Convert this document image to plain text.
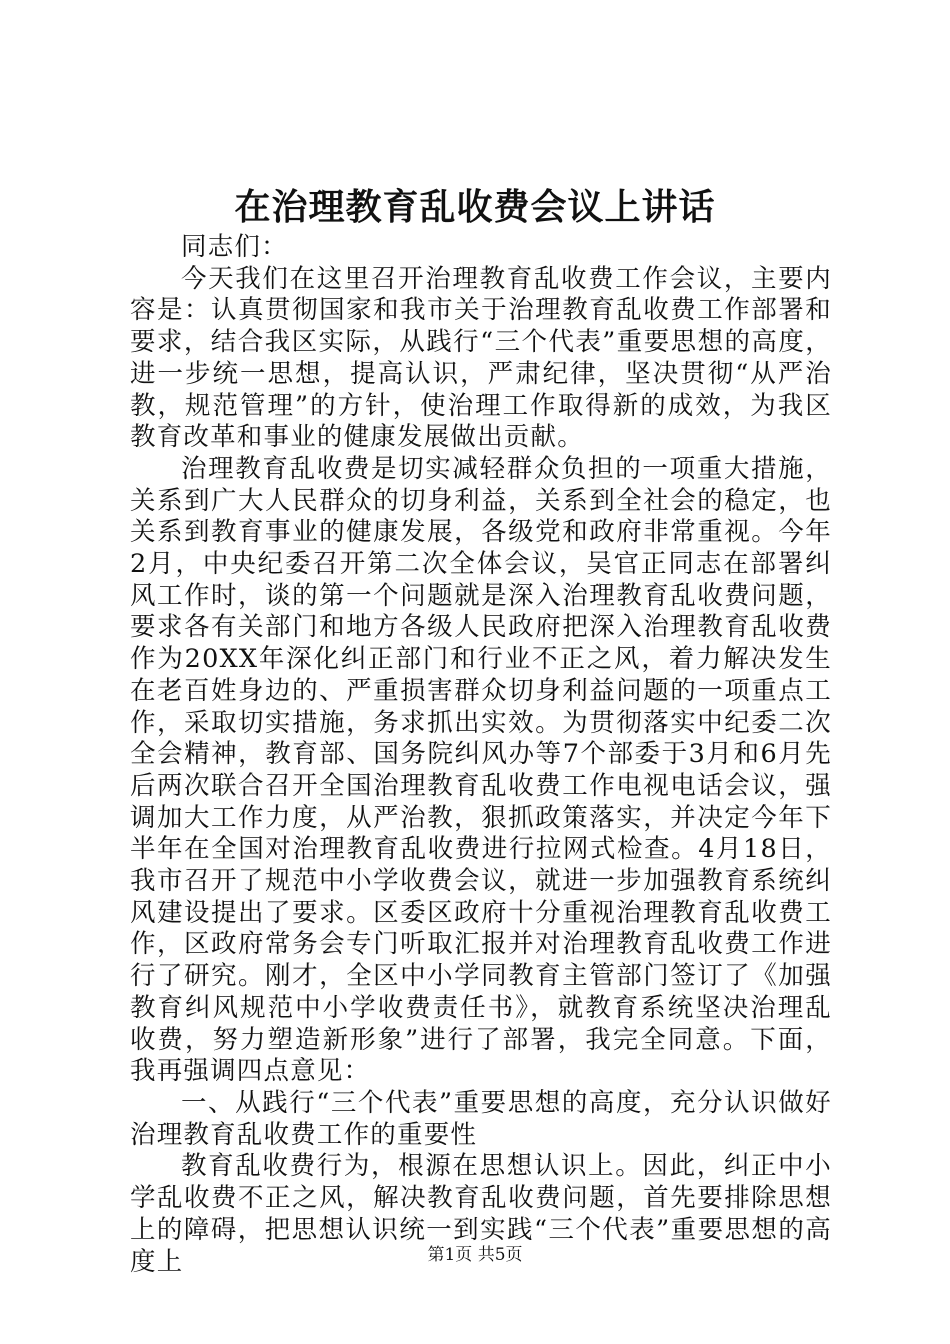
在治理教育乱收费会议上讲话

同志们：

今天我们在这里召开治理教育乱收费工作会议，主要内容是：认真贯彻国家和我市关于治理教育乱收费工作部署和要求，结合我区实际，从践行“三个代表”重要思想的高度，进一步统一思想，提高认识，严肃纪律，坚决贯彻“从严治教，规范管理”的方针，使治理工作取得新的成效，为我区教育改革和事业的健康发展做出贡献。

治理教育乱收费是切实减轻群众负担的一项重大措施，关系到广大人民群众的切身利益，关系到全社会的稳定，也关系到教育事业的健康发展，各级党和政府非常重视。今年2月，中央纪委召开第二次全体会议，吴官正同志在部署纠风工作时，谈的第一个问题就是深入治理教育乱收费问题，要求各有关部门和地方各级人民政府把深入治理教育乱收费作为20XX年深化纠正部门和行业不正之风，着力解决发生在老百姓身边的、严重损害群众切身利益问题的一项重点工作，采取切实措施，务求抓出实效。为贯彻落实中纪委二次全会精神，教育部、国务院纠风办等7个部委于3月和6月先后两次联合召开全国治理教育乱收费工作电视电话会议，强调加大工作力度，从严治教，狠抓政策落实，并决定今年下半年在全国对治理教育乱收费进行拉网式检查。4月18日，我市召开了规范中小学收费会议，就进一步加强教育系统纠风建设提出了要求。区委区政府十分重视治理教育乱收费工作，区政府常务会专门听取汇报并对治理教育乱收费工作进行了研究。刚才，全区中小学同教育主管部门签订了《加强教育纠风规范中小学收费责任书》，就教育系统坚决治理乱收费，努力塑造新形象”进行了部署，我完全同意。下面，我再强调四点意见：

一、从践行“三个代表”重要思想的高度，充分认识做好治理教育乱收费工作的重要性

教育乱收费行为，根源在思想认识上。因此，纠正中小学乱收费不正之风，解决教育乱收费问题，首先要排除思想上的障碍，把思想认识统一到实践“三个代表”重要思想的高度上	第1页 共5页
